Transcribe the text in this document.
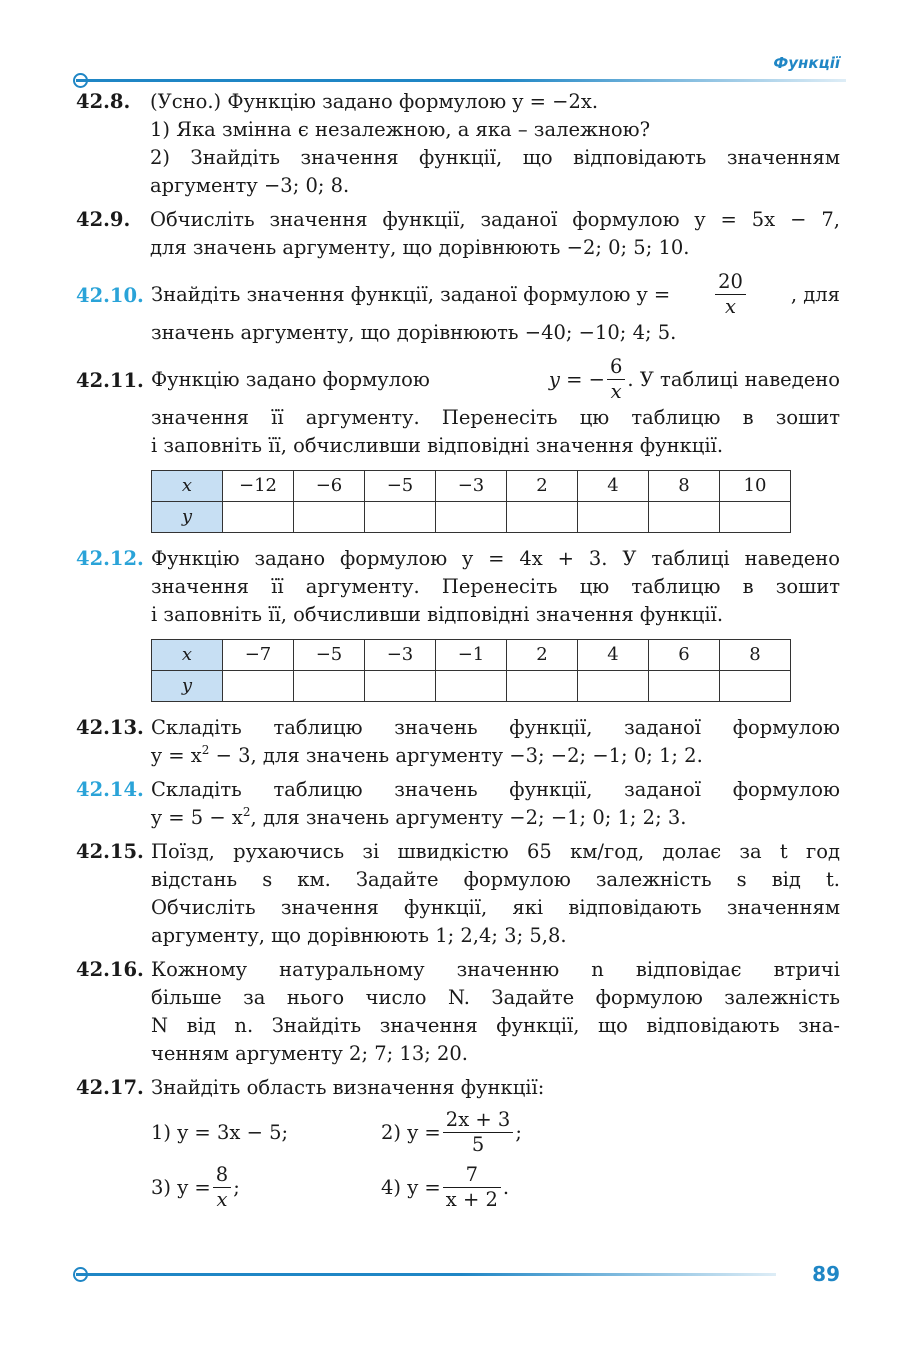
Функції
42.8. (Усно.) Функцію задано формулою y = −2x.
1) Яка змінна є незалежною, а яка – залежною?
2) Знайдіть значення функції, що відповідають значенням
аргументу −3; 0; 8.
42.9. Обчисліть значення функції, заданої формулою y = 5x − 7,
для значень аргументу, що дорівнюють −2; 0; 5; 10.
42.10. Знайдіть значення функції, заданої формулою $y = \frac{20}{x}$ , для
значень аргументу, що дорівнюють −40; −10; 4; 5.
42.11. Функцію задано формулою	y = − $\frac{6}{x}$ . У таблиці наведено
значення її аргументу. Перенесіть цю таблицю в зошит
і заповніть її, обчисливши відповідні значення функції.
x	−12	−6	−5	−3	2	4	8	10
y								
42.12. Функцію задано формулою y = 4x + 3. У таблиці наведено
значення її аргументу. Перенесіть цю таблицю в зошит
і заповніть її, обчисливши відповідні значення функції.
x	−7	−5	−3	−1	2	4	6	8
y								
42.13. Складіть таблицю значень функції, заданої формулою
$y = x^2 - 3$, для значень аргументу −3; −2; −1; 0; 1; 2.
42.14. Складіть таблицю значень функції, заданої формулою
$y = 5 - x^2$, для значень аргументу −2; −1; 0; 1; 2; 3.
42.15. Поїзд, рухаючись зі швидкістю 65 км/год, долає за t год
відстань s км. Задайте формулою залежність s від t.
Обчисліть значення функції, які відповідають значенням
аргументу, що дорівнюють 1; 2,4; 3; 5,8.
42.16. Кожному натуральному значенню n відповідає втричі
більше за нього число N. Задайте формулою залежність
N від n. Знайдіть значення функції, що відповідають зна-
ченням аргументу 2; 7; 13; 20.
42.17. Знайдіть область визначення функції:
1) y = 3x − 5;	2) $y = \frac{2x + 3}{5}$ ;
3) $y = \frac{8}{x}$ ;	4) $y = \frac{7}{x + 2}$ .
89
